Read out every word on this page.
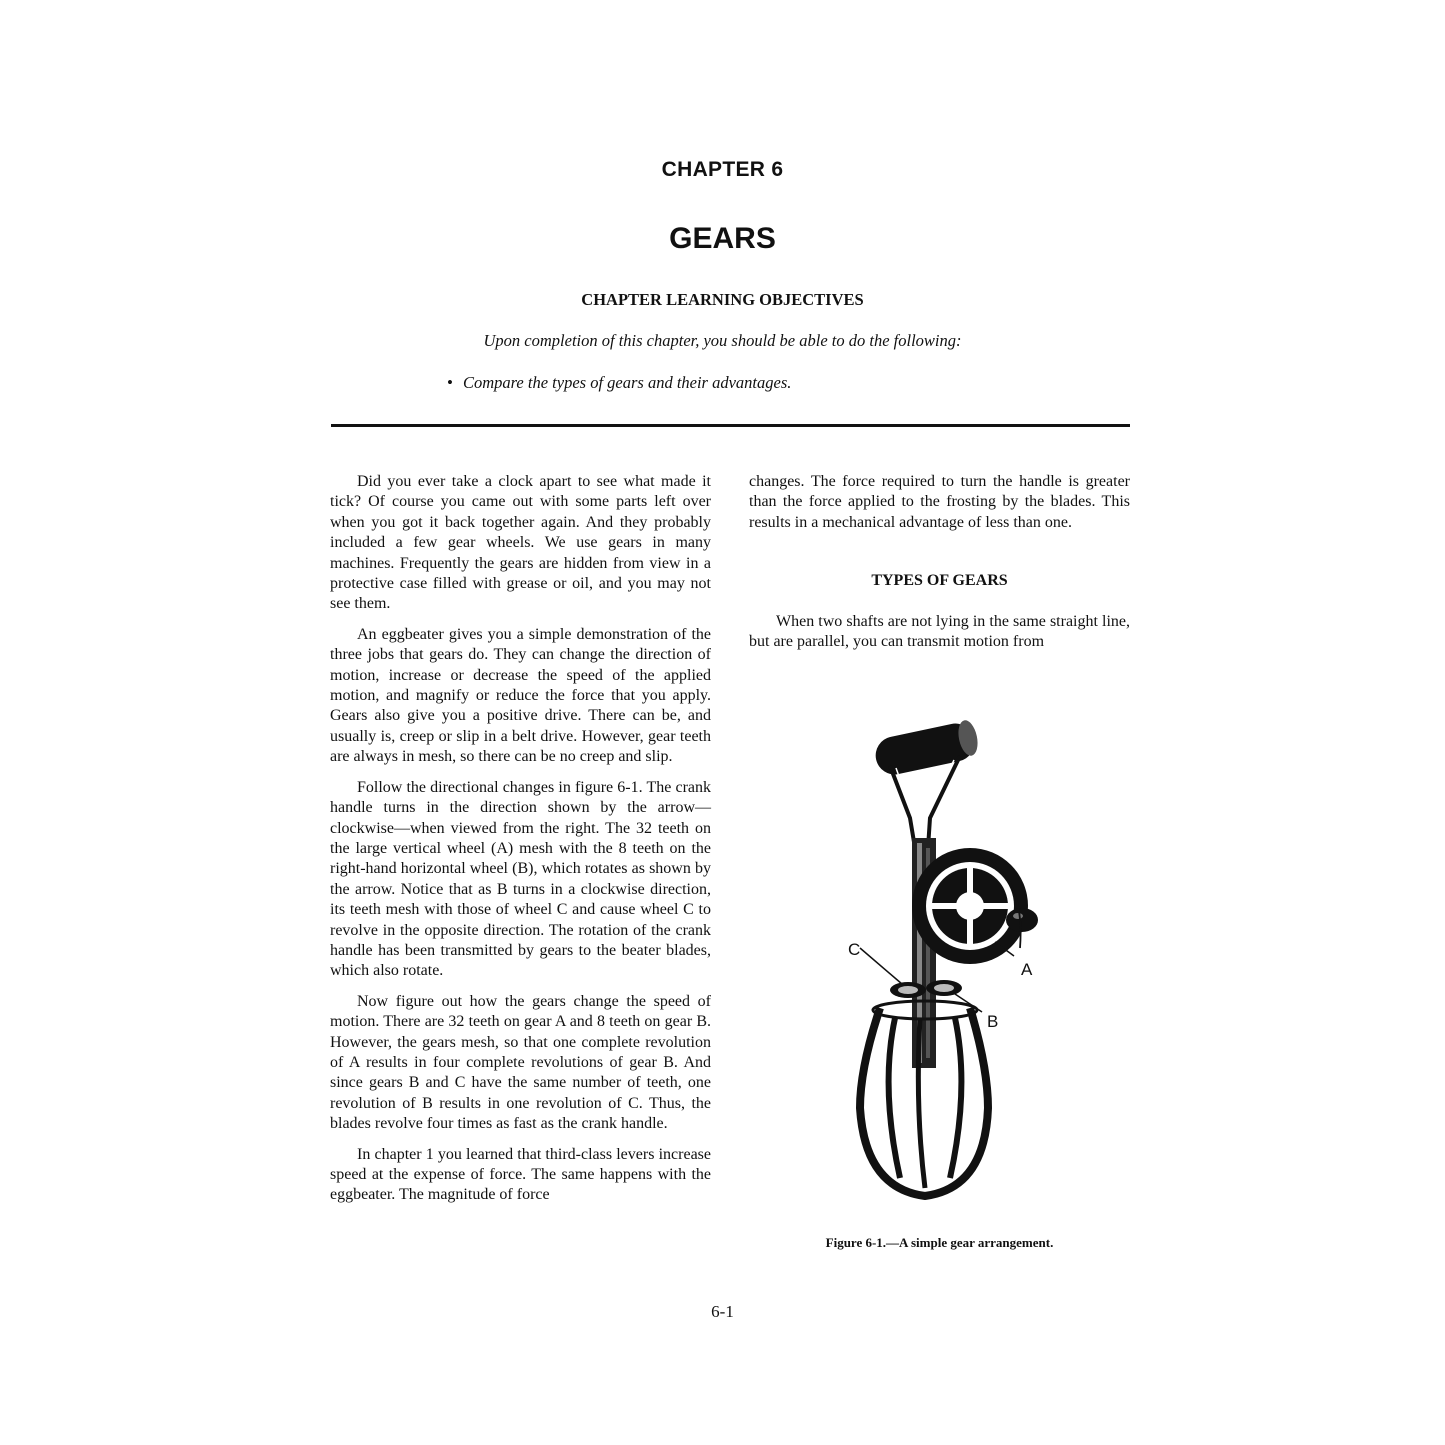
CHAPTER 6
GEARS
CHAPTER LEARNING OBJECTIVES
Upon completion of this chapter, you should be able to do the following:
• Compare the types of gears and their advantages.

Did you ever take a clock apart to see what made it tick? Of course you came out with some parts left over when you got it back together again. And they probably included a few gear wheels. We use gears in many machines. Frequently the gears are hidden from view in a protective case filled with grease or oil, and you may not see them.

An eggbeater gives you a simple demonstration of the three jobs that gears do. They can change the direction of motion, increase or decrease the speed of the applied motion, and magnify or reduce the force that you apply. Gears also give you a positive drive. There can be, and usually is, creep or slip in a belt drive. However, gear teeth are always in mesh, so there can be no creep and slip.

Follow the directional changes in figure 6-1. The crank handle turns in the direction shown by the arrow—clockwise—when viewed from the right. The 32 teeth on the large vertical wheel (A) mesh with the 8 teeth on the right-hand horizontal wheel (B), which rotates as shown by the arrow. Notice that as B turns in a clockwise direction, its teeth mesh with those of wheel C and cause wheel C to revolve in the opposite direction. The rotation of the crank handle has been transmitted by gears to the beater blades, which also rotate.

Now figure out how the gears change the speed of motion. There are 32 teeth on gear A and 8 teeth on gear B. However, the gears mesh, so that one complete revolution of A results in four complete revolutions of gear B. And since gears B and C have the same number of teeth, one revolution of B results in one revolution of C. Thus, the blades revolve four times as fast as the crank handle.

In chapter 1 you learned that third-class levers increase speed at the expense of force. The same happens with the eggbeater. The magnitude of force

changes. The force required to turn the handle is greater than the force applied to the frosting by the blades. This results in a mechanical advantage of less than one.

TYPES OF GEARS

When two shafts are not lying in the same straight line, but are parallel, you can transmit motion from

C
A
B
Figure 6-1.—A simple gear arrangement.
6-1
